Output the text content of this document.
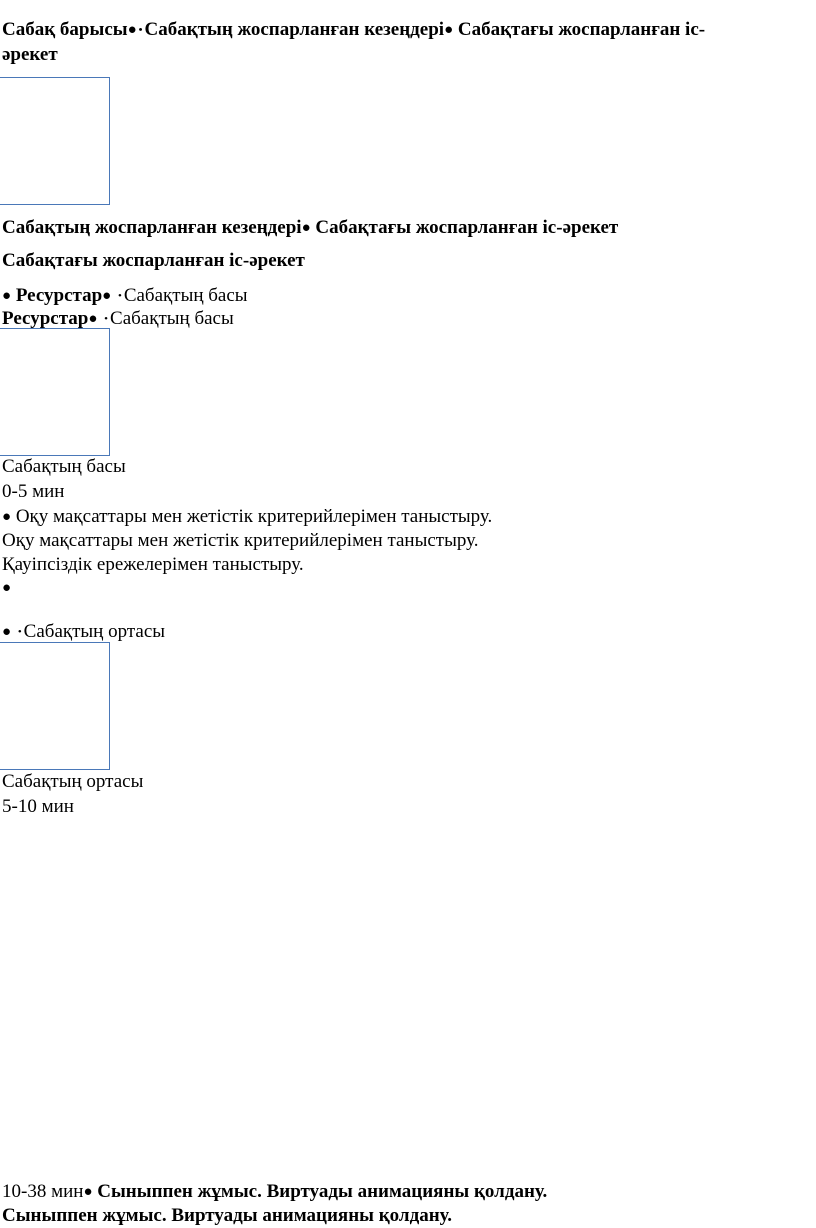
Сабақ барысы● • Сабақтың жоспарланған кезеңдері● Сабақтағы жоспарланған іс-
әрекет
Сабақтың жоспарланған кезеңдері● Сабақтағы жоспарланған іс-әрекет
Сабақтағы жоспарланған іс-әрекет
● Ресурстар● • Сабақтың басы
Ресурстар● • Сабақтың басы
Сабақтың басы
0-5 мин
● Оқу мақсаттары мен жетістік критерийлерімен таныстыру.
Оқу мақсаттары мен жетістік критерийлерімен таныстыру.
Қауіпсіздік ережелерімен таныстыру.
●
● • Сабақтың ортасы
Сабақтың ортасы
5-10 мин
10-38 мин● Сыныппен жұмыс. Виртуады анимацияны қолдану.
Сыныппен жұмыс. Виртуады анимацияны қолдану.
